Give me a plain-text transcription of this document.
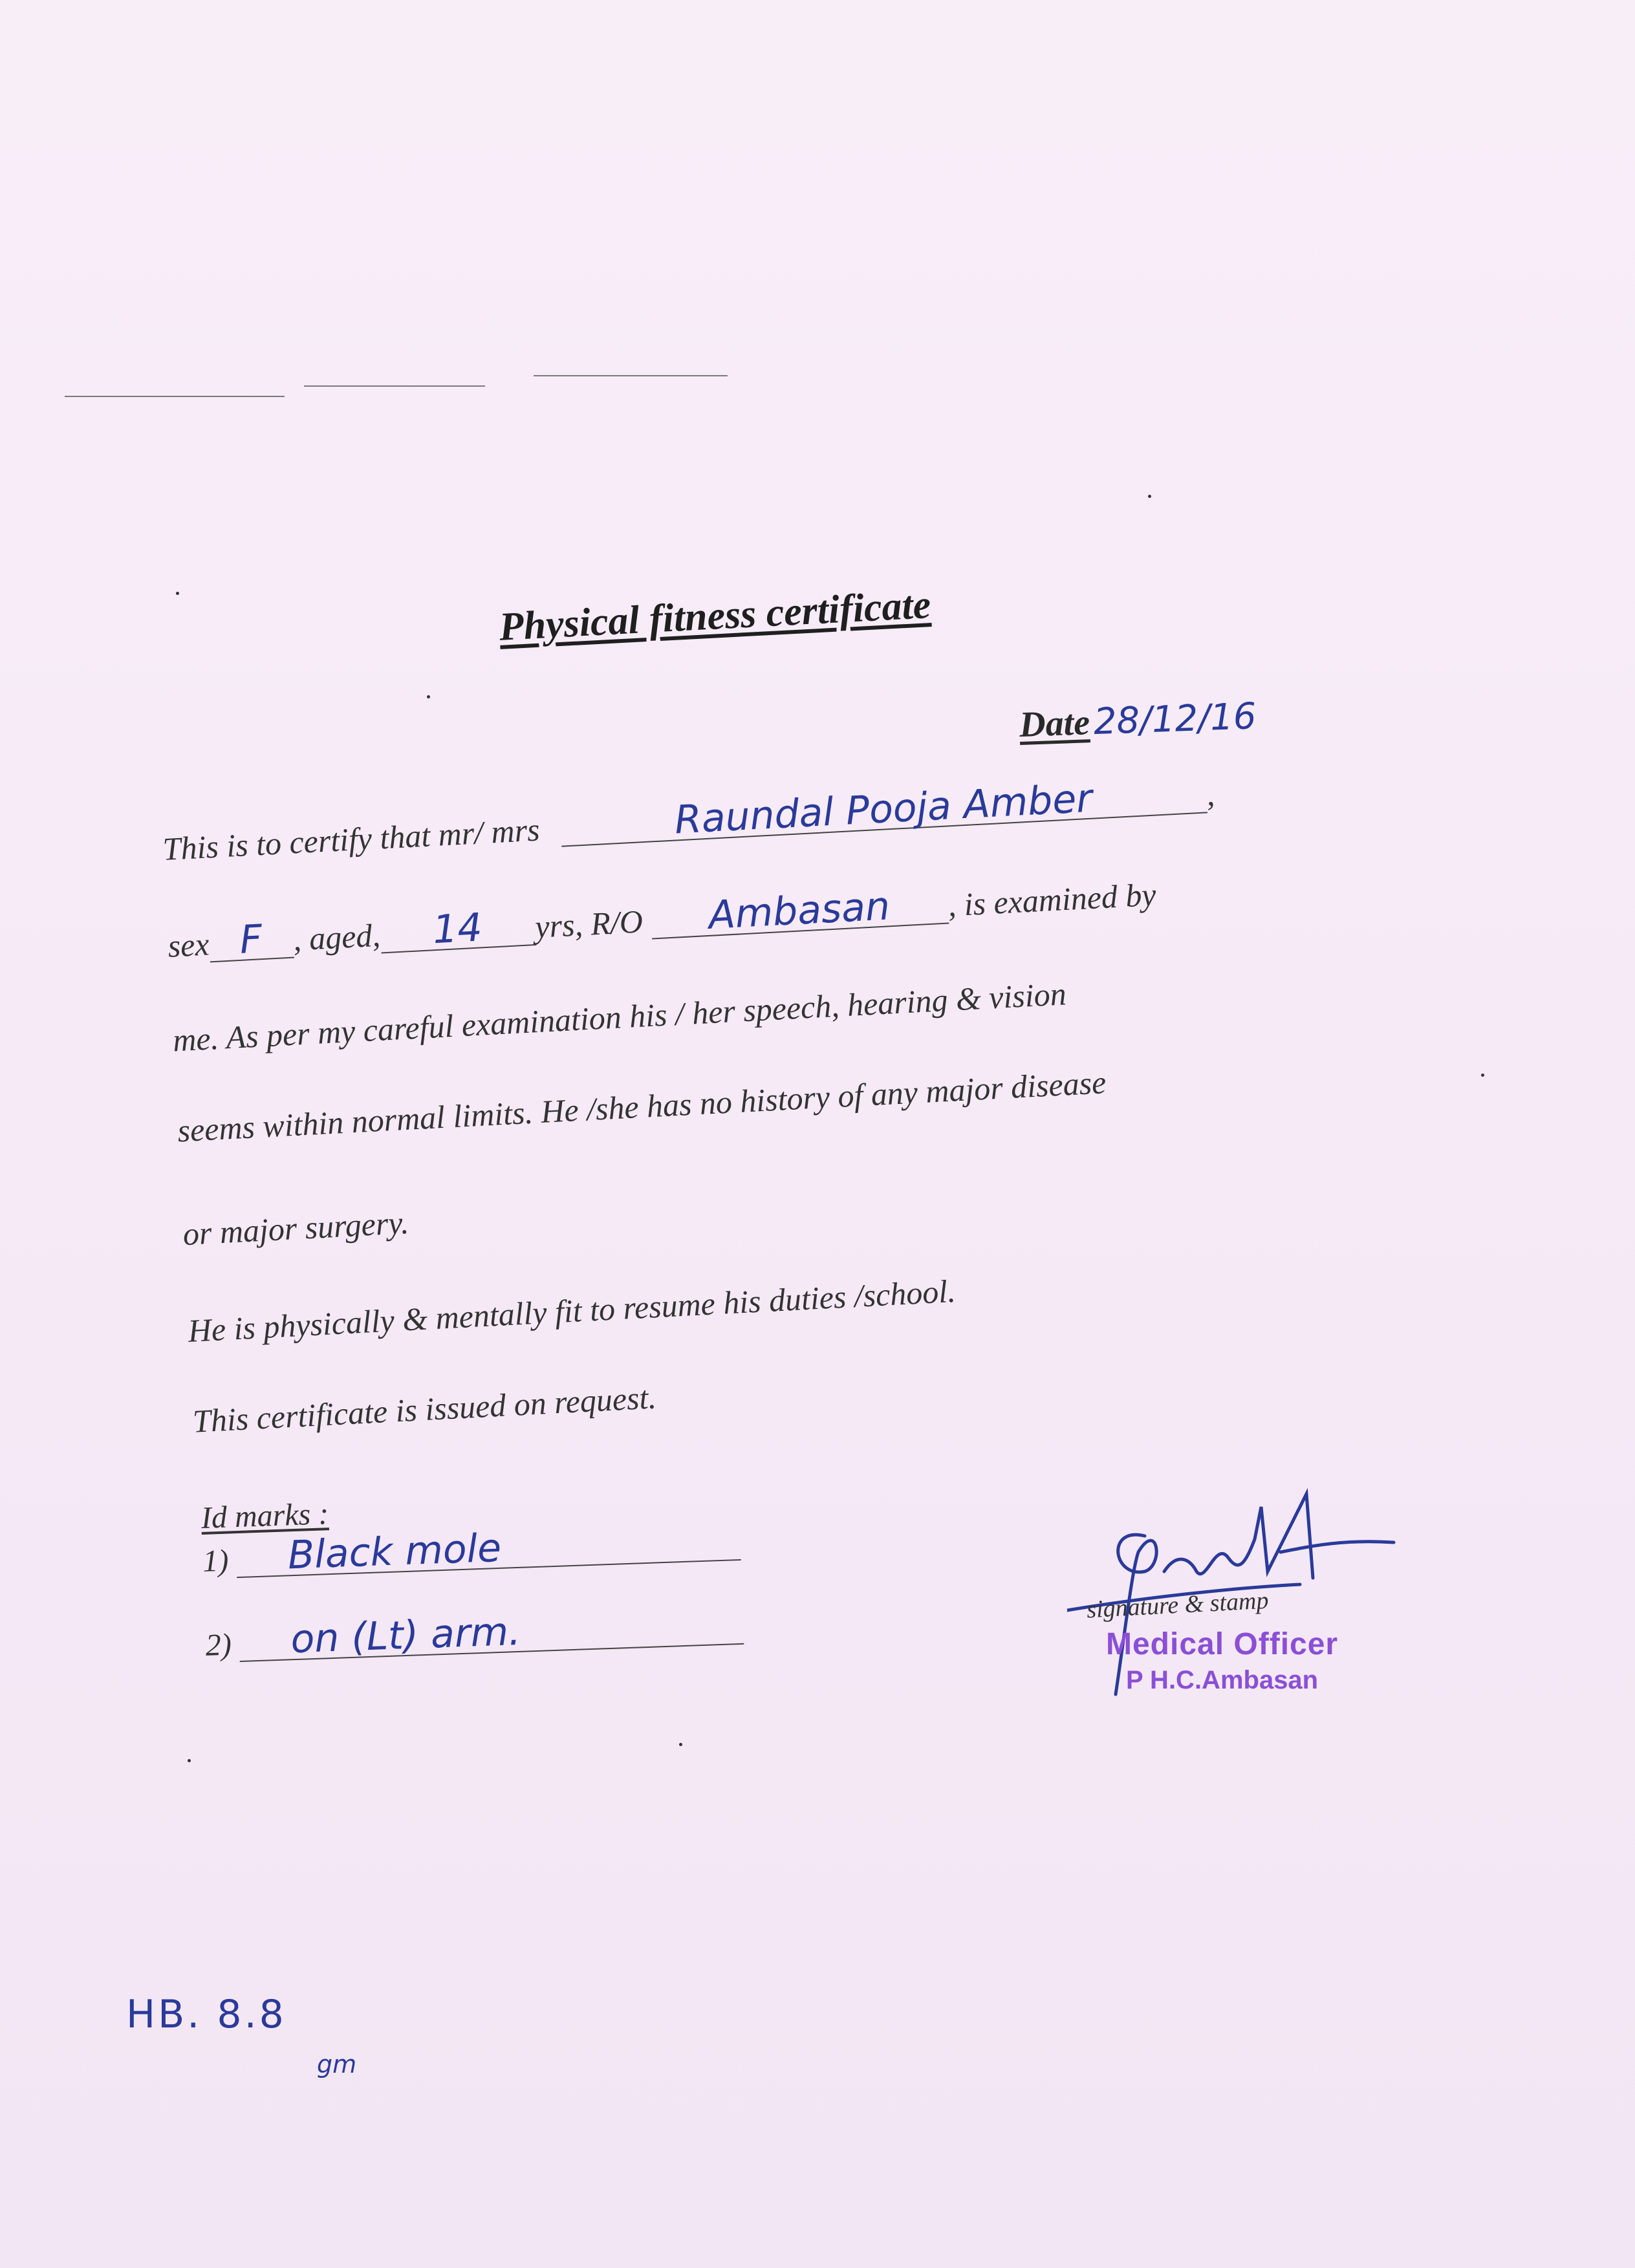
Physical fitness certificate
Date28/12/16
This is to certify that mr/ mrs	Raundal Pooja Amber	,
sex F , aged, 14 yrs, R/O Ambasan , is examined by
me. As per my careful examination his / her speech, hearing & vision
seems within normal limits. He /she has no history of any major disease
or major surgery.
He is physically & mentally fit to resume his duties /school.
This certificate is issued on request.
Id marks :
1) Black mole
2) on (Lt) arm.
signature & stamp
Medical Officer
P H.C.Ambasan
HB. 8.8
gm
